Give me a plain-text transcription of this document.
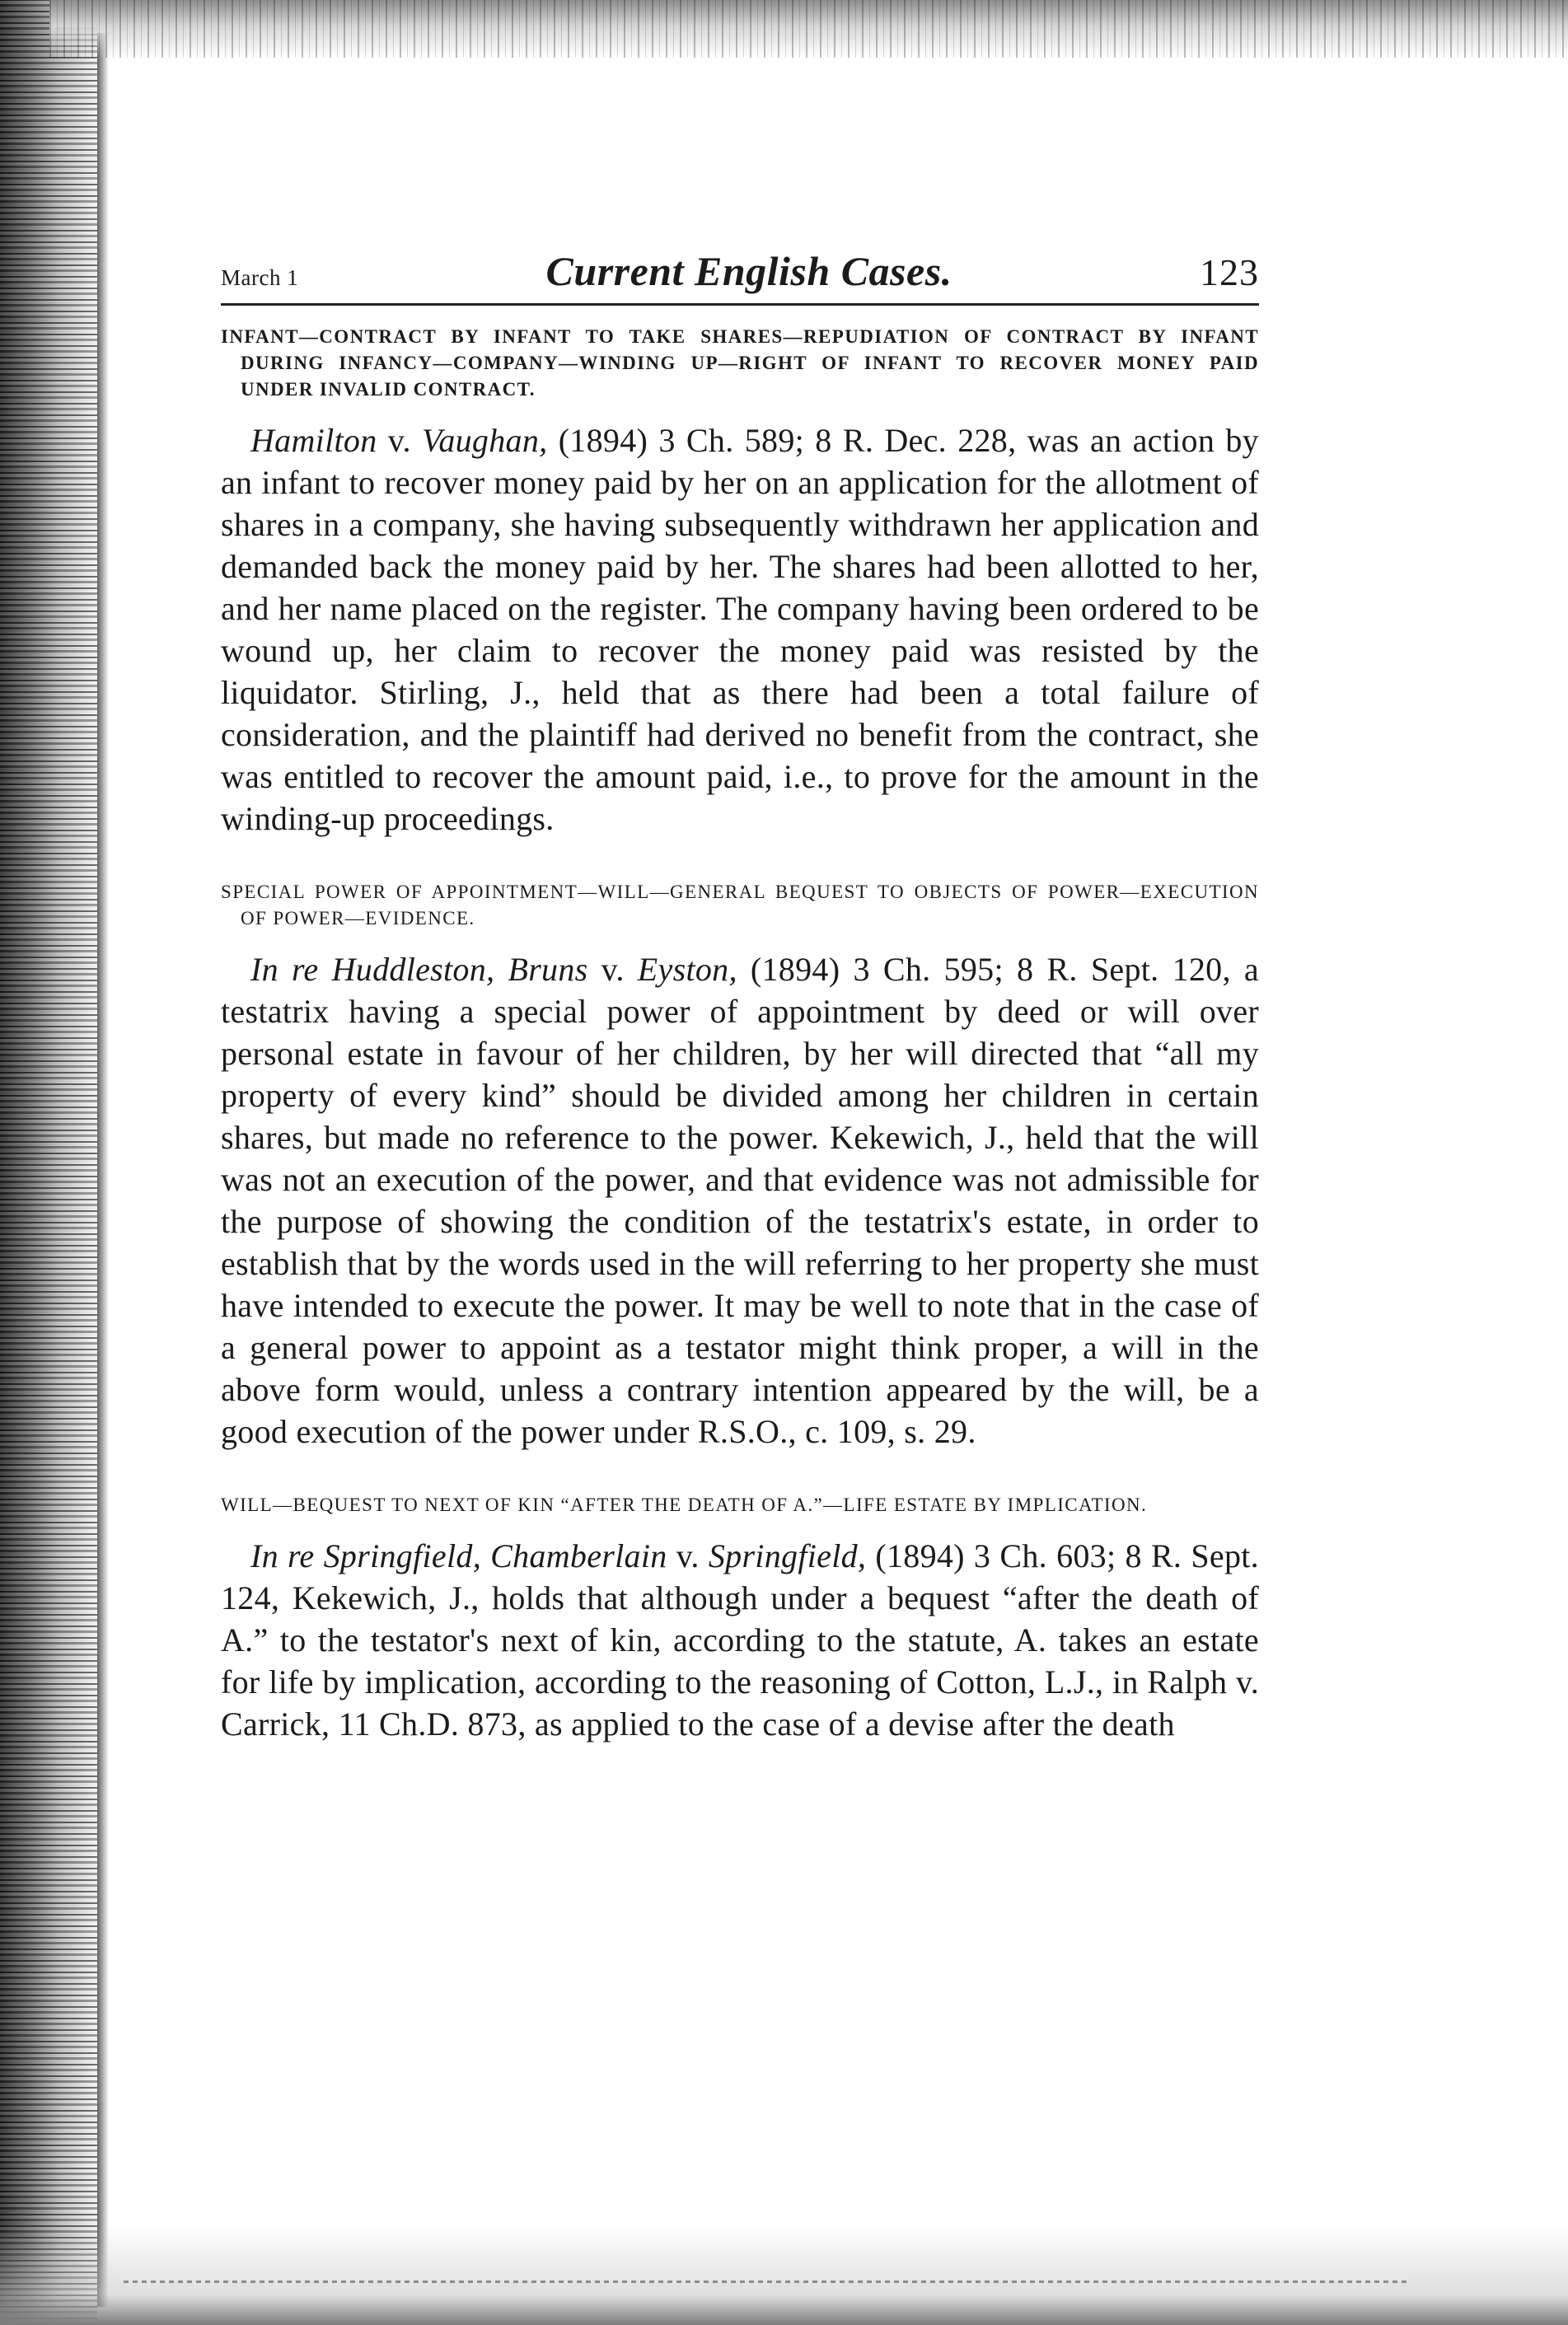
March 1	Current English Cases.	123
INFANT—CONTRACT BY INFANT TO TAKE SHARES—REPUDIATION OF CONTRACT BY INFANT DURING INFANCY—COMPANY—WINDING UP—RIGHT OF INFANT TO RECOVER MONEY PAID UNDER INVALID CONTRACT.

Hamilton v. Vaughan, (1894) 3 Ch. 589; 8 R. Dec. 228, was an action by an infant to recover money paid by her on an application for the allotment of shares in a company, she having subsequently withdrawn her application and demanded back the money paid by her. The shares had been allotted to her, and her name placed on the register. The company having been ordered to be wound up, her claim to recover the money paid was resisted by the liquidator. Stirling, J., held that as there had been a total failure of consideration, and the plaintiff had derived no benefit from the contract, she was entitled to recover the amount paid, i.e., to prove for the amount in the winding-up proceedings.

SPECIAL POWER OF APPOINTMENT—WILL—GENERAL BEQUEST TO OBJECTS OF POWER—EXECUTION OF POWER—EVIDENCE.

In re Huddleston, Bruns v. Eyston, (1894) 3 Ch. 595; 8 R. Sept. 120, a testatrix having a special power of appointment by deed or will over personal estate in favour of her children, by her will directed that “all my property of every kind” should be divided among her children in certain shares, but made no reference to the power. Kekewich, J., held that the will was not an execution of the power, and that evidence was not admissible for the purpose of showing the condition of the testatrix's estate, in order to establish that by the words used in the will referring to her property she must have intended to execute the power. It may be well to note that in the case of a general power to appoint as a testator might think proper, a will in the above form would, unless a contrary intention appeared by the will, be a good execution of the power under R.S.O., c. 109, s. 29.

WILL—BEQUEST TO NEXT OF KIN “AFTER THE DEATH OF A.”—LIFE ESTATE BY IMPLICATION.

In re Springfield, Chamberlain v. Springfield, (1894) 3 Ch. 603; 8 R. Sept. 124, Kekewich, J., holds that although under a bequest “after the death of A.” to the testator's next of kin, according to the statute, A. takes an estate for life by implication, according to the reasoning of Cotton, L.J., in Ralph v. Carrick, 11 Ch.D. 873, as applied to the case of a devise after the death
